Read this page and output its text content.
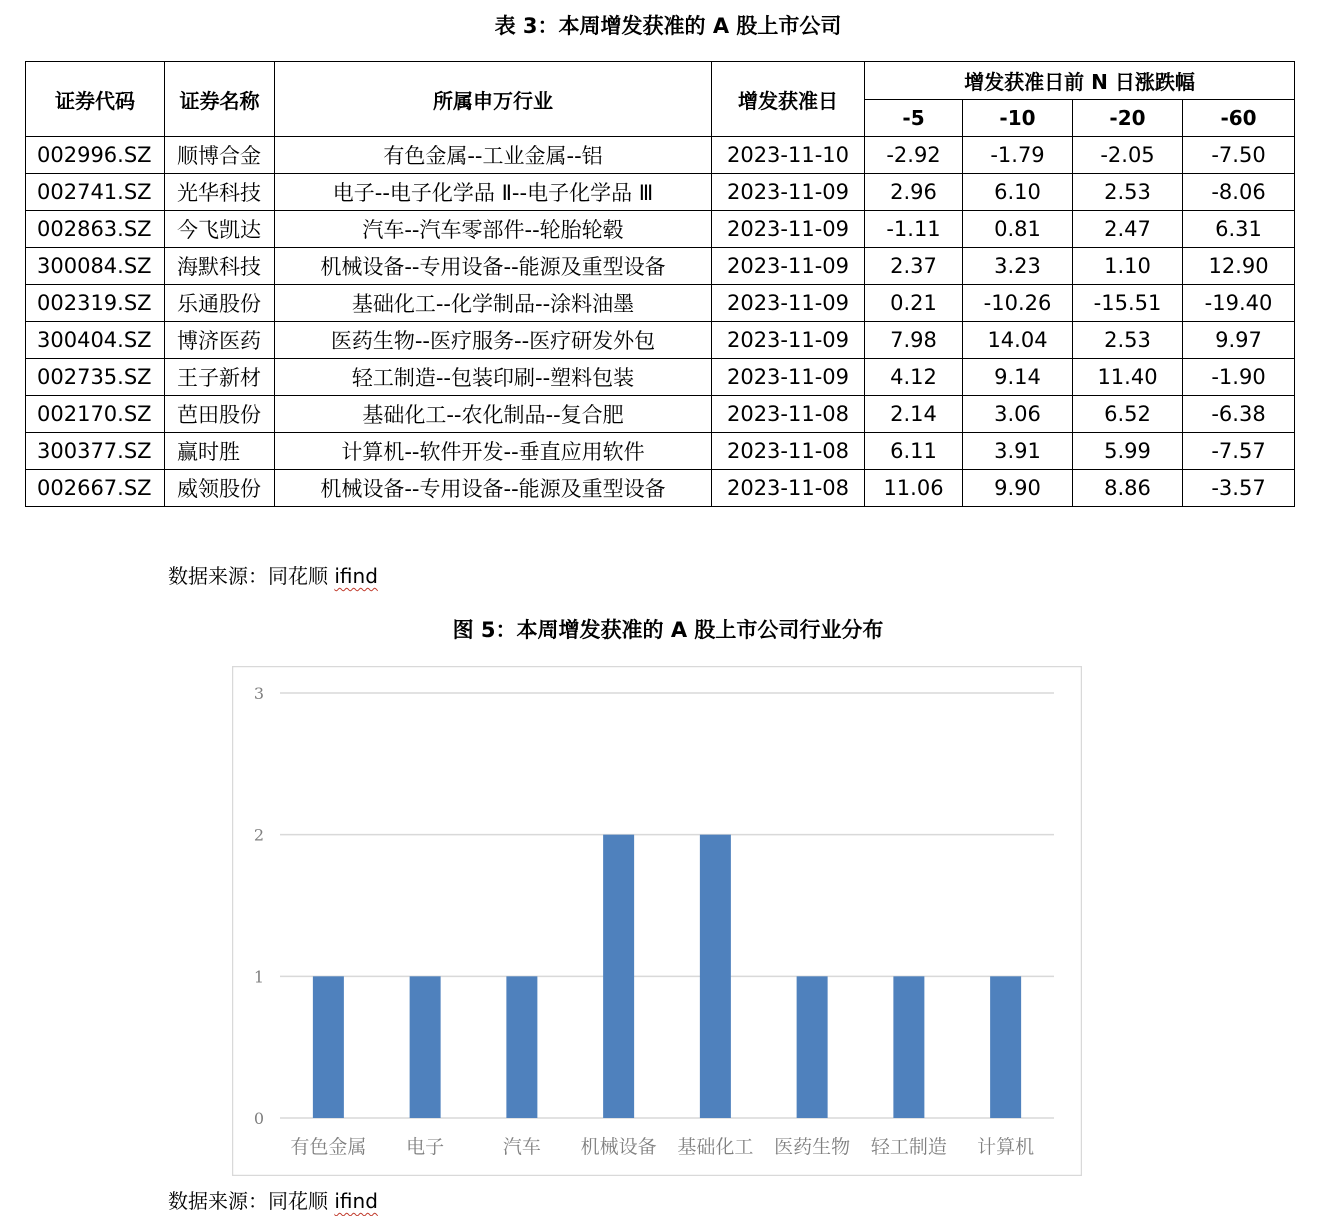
表 3：本周增发获准的 A 股上市公司
证券代码	证券名称	所属申万行业	增发获准日	增发获准日前 N 日涨跌幅			
				-5	-10	-20	-60
002996.SZ	顺博合金	有色金属--工业金属--铝	2023-11-10	-2.92	-1.79	-2.05	-7.50
002741.SZ	光华科技	电子--电子化学品 Ⅱ--电子化学品 Ⅲ	2023-11-09	2.96	6.10	2.53	-8.06
002863.SZ	今飞凯达	汽车--汽车零部件--轮胎轮毂	2023-11-09	-1.11	0.81	2.47	6.31
300084.SZ	海默科技	机械设备--专用设备--能源及重型设备	2023-11-09	2.37	3.23	1.10	12.90
002319.SZ	乐通股份	基础化工--化学制品--涂料油墨	2023-11-09	0.21	-10.26	-15.51	-19.40
300404.SZ	博济医药	医药生物--医疗服务--医疗研发外包	2023-11-09	7.98	14.04	2.53	9.97
002735.SZ	王子新材	轻工制造--包装印刷--塑料包装	2023-11-09	4.12	9.14	11.40	-1.90
002170.SZ	芭田股份	基础化工--农化制品--复合肥	2023-11-08	2.14	3.06	6.52	-6.38
300377.SZ	赢时胜	计算机--软件开发--垂直应用软件	2023-11-08	6.11	3.91	5.99	-7.57
002667.SZ	威领股份	机械设备--专用设备--能源及重型设备	2023-11-08	11.06	9.90	8.86	-3.57
数据来源：同花顺 ifind
图 5：本周增发获准的 A 股上市公司行业分布
0
1
2
3
有色金属 电子	汽车 机械设备 基础化工 医药生物 轻工制造 计算机
数据来源：同花顺 ifind
